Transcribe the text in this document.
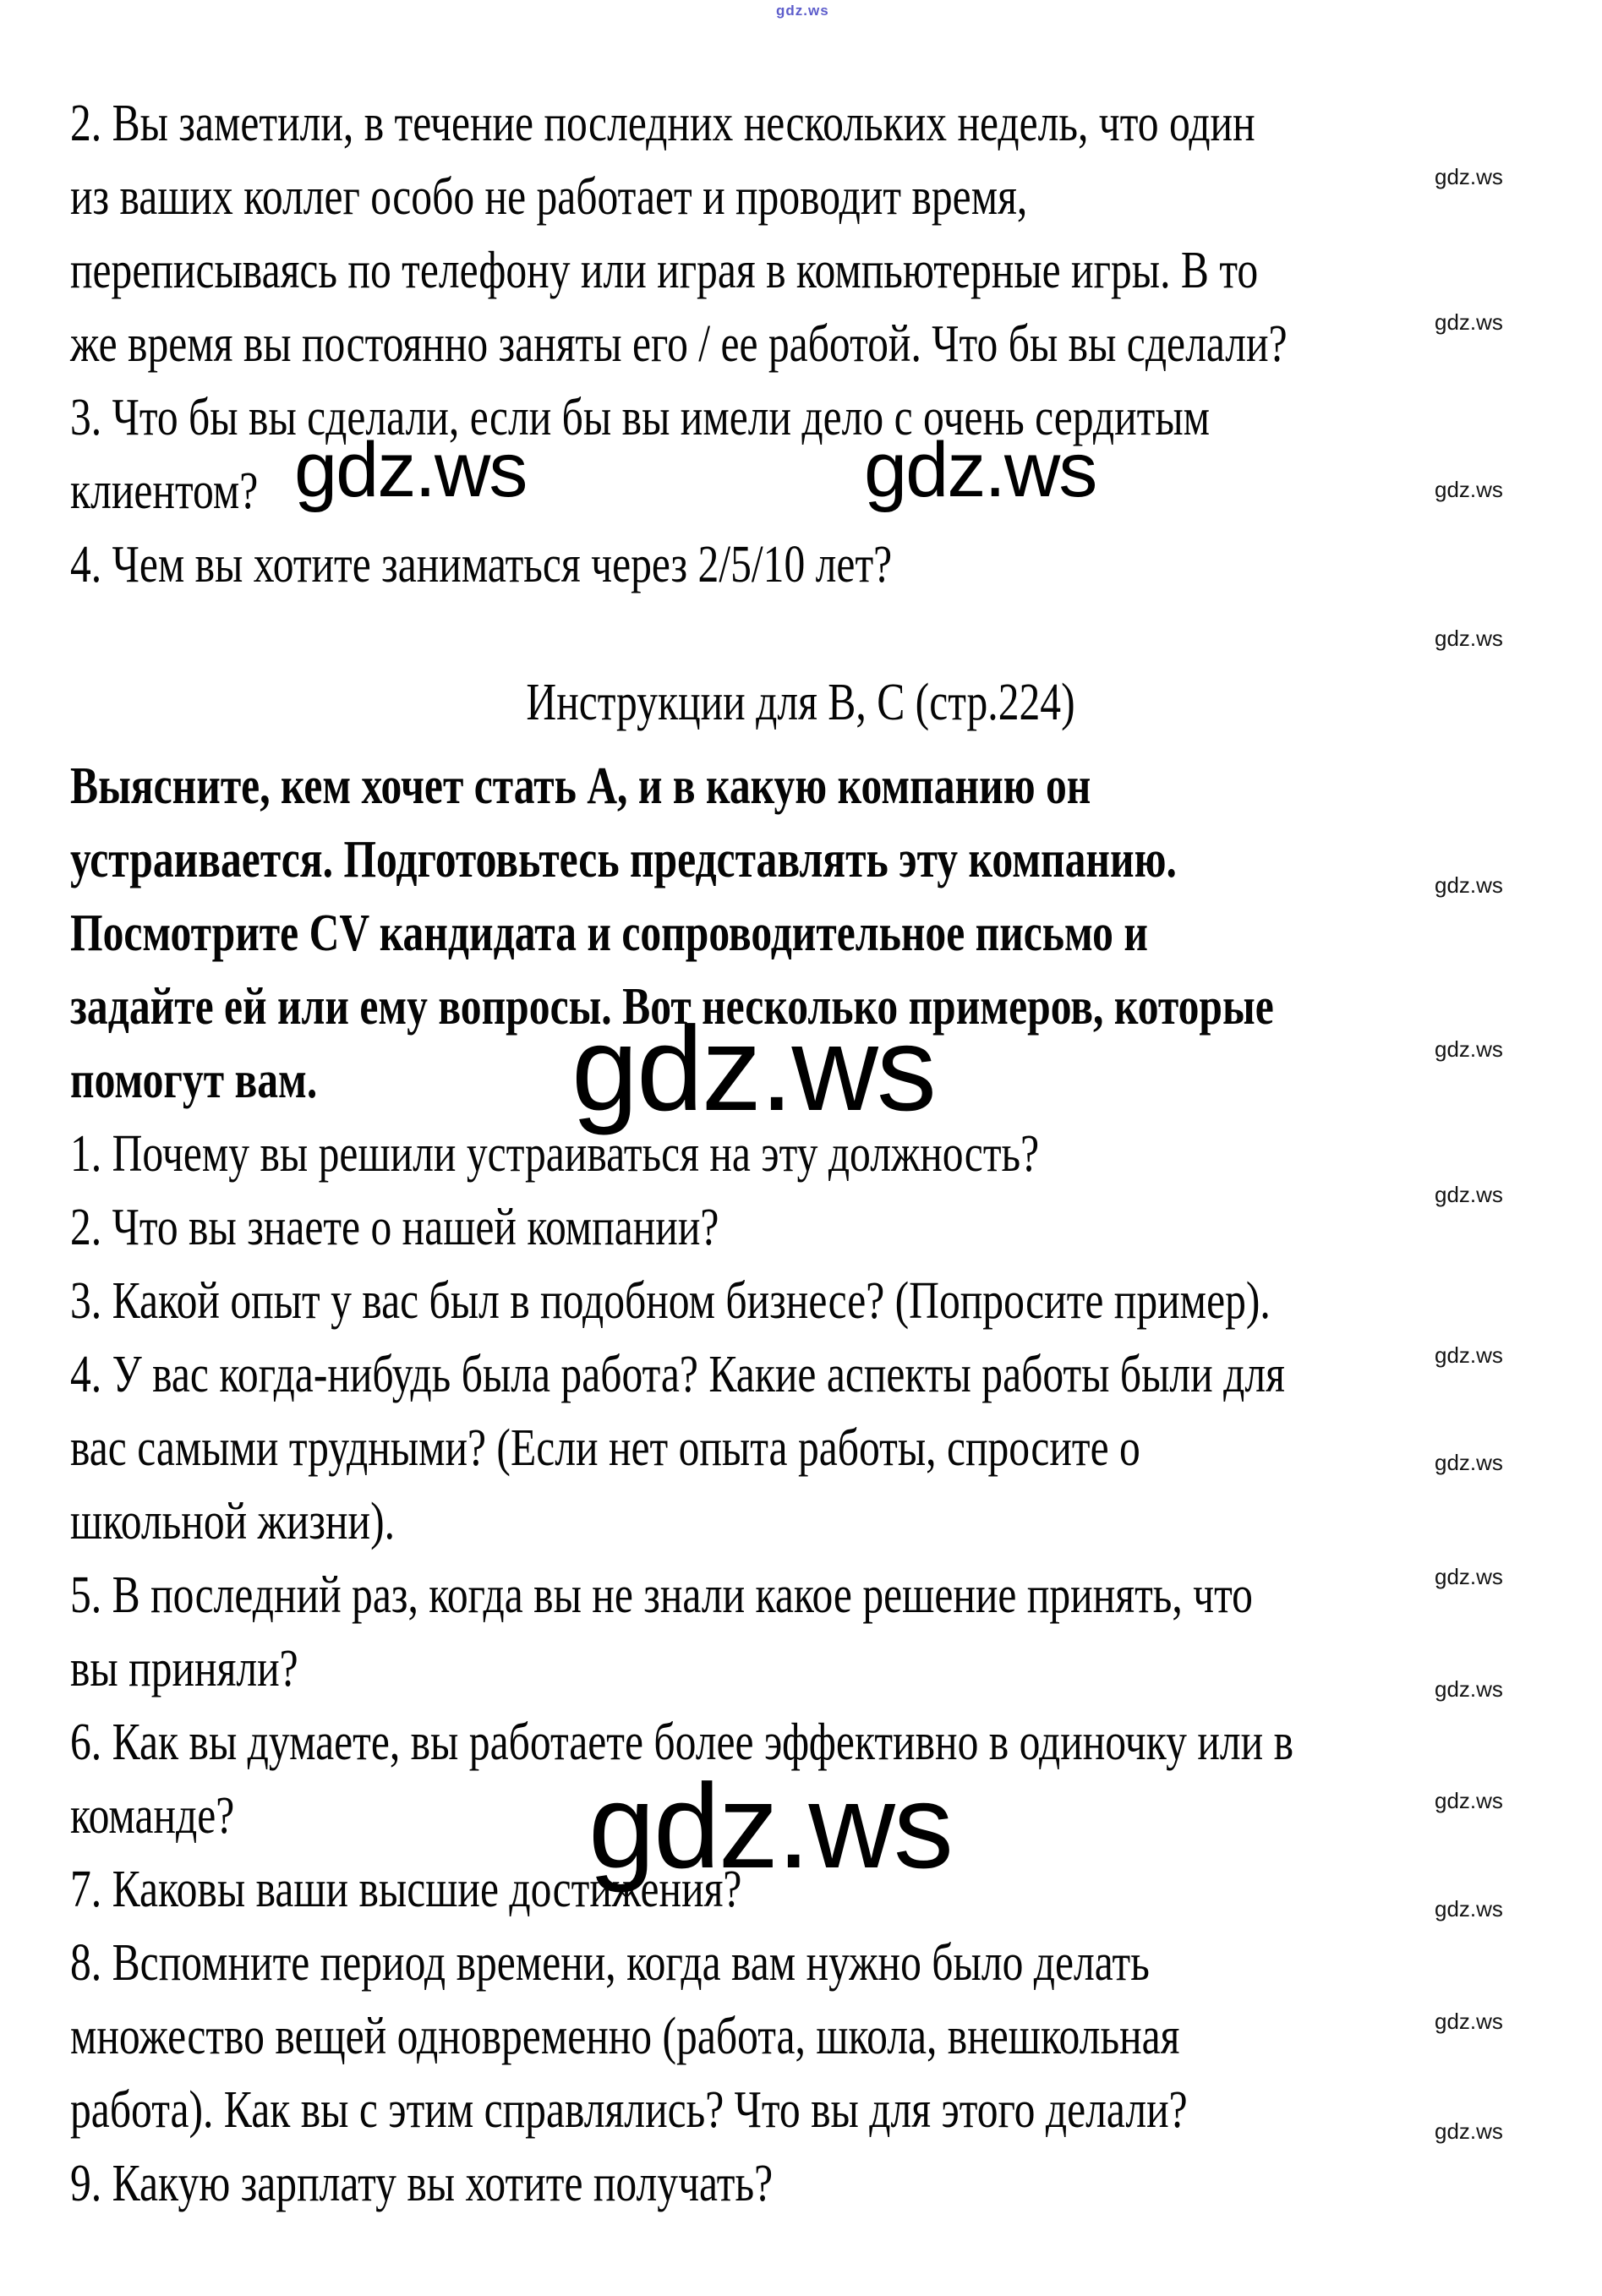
gdz.ws
2. Вы заметили, в течение последних нескольких недель, что один
из ваших коллег особо не работает и проводит время,
переписываясь по телефону или играя в компьютерные игры. В то
же время вы постоянно заняты его / ее работой. Что бы вы сделали?
3. Что бы вы сделали, если бы вы имели дело с очень сердитым
клиентом?
4. Чем вы хотите заниматься через 2/5/10 лет?
Инструкции для В, С (стр.224)
Выясните, кем хочет стать А, и в какую компанию он
устраивается. Подготовьтесь представлять эту компанию.
Посмотрите CV кандидата и сопроводительное письмо и
задайте ей или ему вопросы. Вот несколько примеров, которые
помогут вам.
1. Почему вы решили устраиваться на эту должность?
2. Что вы знаете о нашей компании?
3. Какой опыт у вас был в подобном бизнесе? (Попросите пример).
4. У вас когда-нибудь была работа? Какие аспекты работы были для
вас самыми трудными? (Если нет опыта работы, спросите о
школьной жизни).
5. В последний раз, когда вы не знали какое решение принять, что
вы приняли?
6. Как вы думаете, вы работаете более эффективно в одиночку или в
команде?
7. Каковы ваши высшие достижения?
8. Вспомните период времени, когда вам нужно было делать
множество вещей одновременно (работа, школа, внешкольная
работа). Как вы с этим справлялись? Что вы для этого делали?
9. Какую зарплату вы хотите получать?
gdz.ws
gdz.ws
gdz.ws
gdz.ws
gdz.ws
gdz.ws
gdz.ws
gdz.ws
gdz.ws
gdz.ws
gdz.ws
gdz.ws
gdz.ws
gdz.ws
gdz.ws
gdz.ws	gdz.ws
gdz.ws
gdz.ws
